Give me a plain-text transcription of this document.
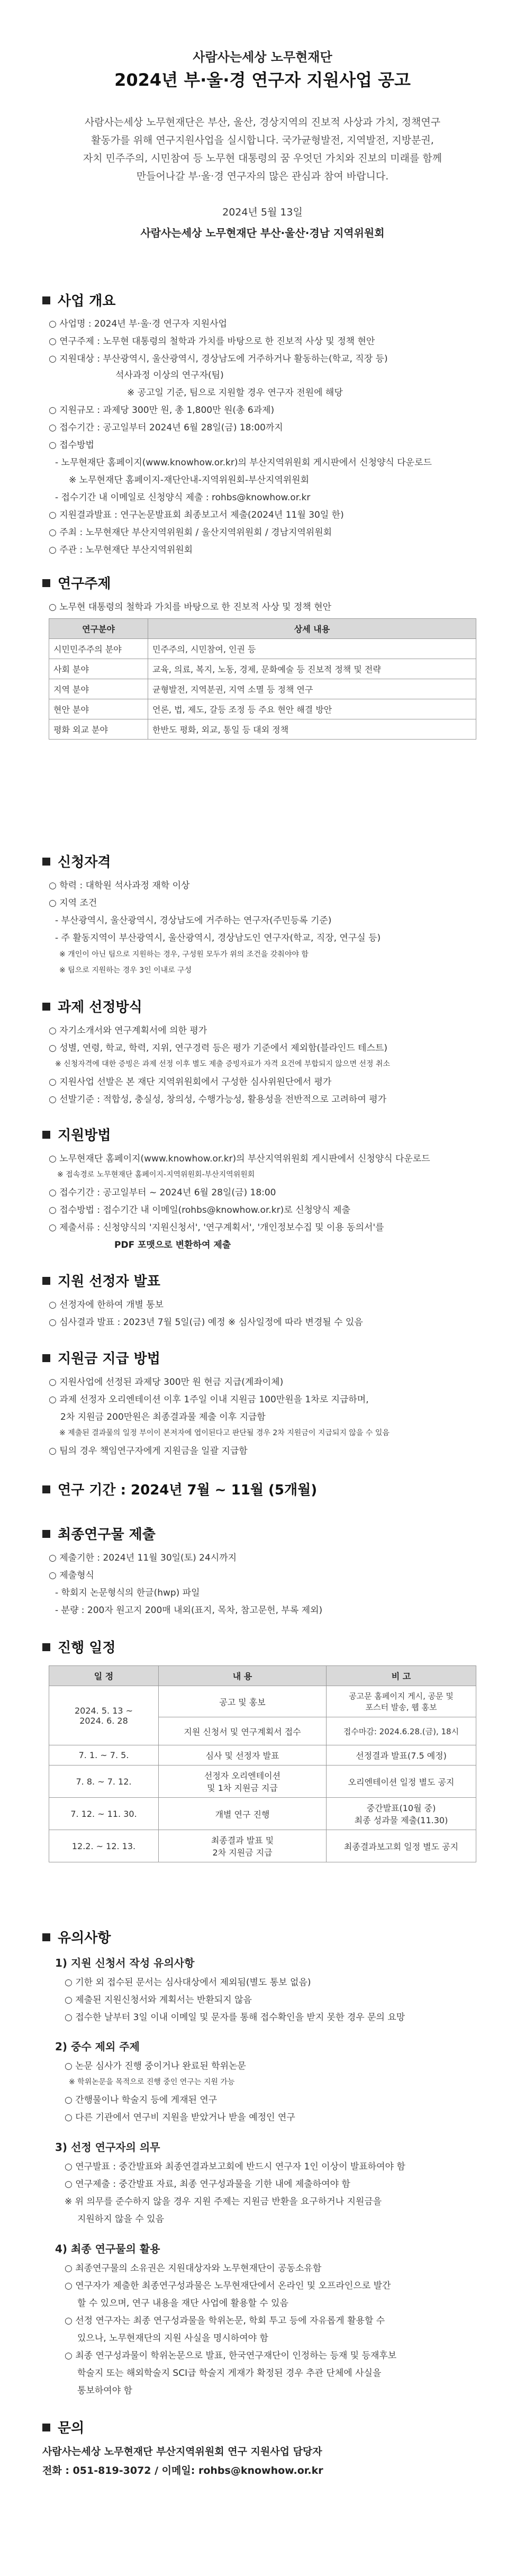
사람사는세상 노무현재단
2024년 부·울·경 연구자 지원사업 공고
사람사는세상 노무현재단은 부산, 울산, 경상지역의 진보적 사상과 가치, 정책연구
활동가를 위해 연구지원사업을 실시합니다. 국가균형발전, 지역발전, 지방분권,
자치 민주주의, 시민참여 등 노무현 대통령의 꿈 우엇던 가치와 진보의 미래를 함께
만들어나갈 부·울·경 연구자의 많은 관심과 참여 바랍니다.
2024년 5월 13일
사람사는세상 노무현재단 부산·울산·경남 지역위원회
사업 개요
○ 사업명 : 2024년 부·울·경 연구자 지원사업
○ 연구주제 : 노무현 대통령의 철학과 가치를 바탕으로 한 진보적 사상 및 정책 현안
○ 지원대상 : 부산광역시, 울산광역시, 경상남도에 거주하거나 활동하는(학교, 직장 등)
석사과정 이상의 연구자(팀)
※ 공고일 기준, 팀으로 지원할 경우 연구자 전원에 해당
○ 지원규모 : 과제당 300만 원, 총 1,800만 원(총 6과제)
○ 접수기간 : 공고일부터 2024년 6월 28일(금) 18:00까지
○ 접수방법
- 노무현재단 홈페이지(www.knowhow.or.kr)의 부산지역위원회 게시판에서 신청양식 다운로드
※ 노무현재단 홈페이지-재단안내-지역위원회-부산지역위원회
- 접수기간 내 이메일로 신청양식 제출 : rohbs@knowhow.or.kr
○ 지원결과발표 : 연구논문발표회 최종보고서 제출(2024년 11월 30일 한)
○ 주최 : 노무현재단 부산지역위원회 / 울산지역위원회 / 경남지역위원회
○ 주관 : 노무현재단 부산지역위원회
연구주제
○ 노무현 대통령의 철학과 가치를 바탕으로 한 진보적 사상 및 정책 현안
연구분야	상세 내용
시민민주주의 분야	민주주의, 시민참여, 인권 등
사회 분야	교육, 의료, 복지, 노동, 경제, 문화예술 등 진보적 정책 및 전략
지역 분야	균형발전, 지역분권, 지역 소멸 등 정책 연구
현안 분야	언론, 법, 제도, 갈등 조정 등 주요 현안 해결 방안
평화 외교 분야	한반도 평화, 외교, 통일 등 대외 정책
신청자격
○ 학력 : 대학원 석사과정 재학 이상
○ 지역 조건
- 부산광역시, 울산광역시, 경상남도에 거주하는 연구자(주민등록 기준)
- 주 활동지역이 부산광역시, 울산광역시, 경상남도인 연구자(학교, 직장, 연구실 등)
※ 개인이 아닌 팀으로 지원하는 경우, 구성원 모두가 위의 조건을 갖춰야야 함
※ 팀으로 지원하는 경우 3인 이내로 구성
과제 선정방식
○ 자기소개서와 연구계획서에 의한 평가
○ 성별, 연령, 학교, 학력, 지위, 연구경력 등은 평가 기준에서 제외함(블라인드 테스트)
※ 신청자격에 대한 증빙은 과제 선정 이후 별도 제출 증빙자료가 자격 요건에 부합되지 않으면 선정 취소
○ 지원사업 선발은 본 재단 지역위원회에서 구성한 심사위원단에서 평가
○ 선발기준 : 적합성, 충실성, 창의성, 수행가능성, 활용성을 전반적으로 고려하여 평가
지원방법
○ 노무현재단 홈페이지(www.knowhow.or.kr)의 부산지역위원회 게시판에서 신청양식 다운로드
※ 접속경로 노무현재단 홈페이지-지역위원회-부산지역위원회
○ 접수기간 : 공고일부터 ~ 2024년 6월 28일(금) 18:00
○ 접수방법 : 접수기간 내 이메일(rohbs@knowhow.or.kr)로 신청양식 제출
○ 제출서류 : 신청양식의 '지원신청서', '연구계획서', '개인정보수집 및 이용 동의서'를
PDF 포맷으로 변환하여 제출
지원 선정자 발표
○ 선정자에 한하여 개별 통보
○ 심사결과 발표 : 2023년 7월 5일(금) 예정 ※ 심사일정에 따라 변경될 수 있음
지원금 지급 방법
○ 지원사업에 선정된 과제당 300만 원 현금 지급(계좌이체)
○ 과제 선정자 오리엔테이션 이후 1주일 이내 지원금 100만원을 1차로 지급하며,
2차 지원금 200만원은 최종결과물 제출 이후 지급함
※ 제출된 결과물의 일정 부이이 본저자에 엽이된다고 판단될 경우 2차 지원금이 지급되지 않을 수 있음
○ 팀의 경우 책임연구자에게 지원금을 일괄 지급함
연구 기간 : 2024년 7월 ~ 11월 (5개월)
최종연구물 제출
○ 제출기한 : 2024년 11월 30일(토) 24시까지
○ 제출형식
- 학회지 논문형식의 한글(hwp) 파일
- 분량 : 200자 원고지 200매 내외(표지, 목차, 참고문헌, 부록 제외)
진행 일정
일 정	내 용	비 고
2024. 5. 13 ~
2024. 6. 28	공고 및 홍보	공고문 홈페이지 게시, 공문 및
포스터 발송, 웹 홍보
	지원 신청서 및 연구계획서 접수	접수마감: 2024.6.28.(금), 18시
7. 1. ~ 7. 5.	심사 및 선정자 발표	선정결과 발표(7.5 예정)
7. 8. ~ 7. 12.	선정자 오리엔테이션
및 1차 지원금 지급	오리엔테이션 일정 별도 공지
7. 12. ~ 11. 30.	개별 연구 진행	중간발표(10월 중)
최종 성과물 제출(11.30)
12.2. ~ 12. 13.	최종결과 발표 및
2차 지원금 지급	최종결과보고회 일정 별도 공지
유의사항
1) 지원 신청서 작성 유의사항
○ 기한 외 접수된 문서는 심사대상에서 제외됨(별도 통보 없음)
○ 제출된 지원신청서와 계획서는 반환되지 않음
○ 접수한 날부터 3일 이내 이메일 및 문자를 통해 접수확인을 받지 못한 경우 문의 요망
2) 중수 제외 주제
○ 논문 심사가 진행 중이거나 완료된 학위논문
※ 학위논문을 목적으로 진행 중인 연구는 지원 가능
○ 간행물이나 학술지 등에 게재된 연구
○ 다른 기관에서 연구비 지원을 받았거나 받을 예정인 연구
3) 선정 연구자의 의무
○ 연구발표 : 중간발표와 최종연결과보고회에 반드시 연구자 1인 이상이 발표하여야 함
○ 연구제출 : 중간발표 자료, 최종 연구성과물을 기한 내에 제출하여야 함
※ 위 의무를 준수하지 않을 경우 지원 주제는 지원금 반환을 요구하거나 지원금을
지원하지 않을 수 있음
4) 최종 연구물의 활용
○ 최종연구물의 소유권은 지원대상자와 노무현재단이 공동소유함
○ 연구자가 제출한 최종연구성과물은 노무현재단에서 온라인 및 오프라인으로 발간
할 수 있으며, 연구 내용을 재단 사업에 활용할 수 있음
○ 선정 연구자는 최종 연구성과물을 학위논문, 학회 투고 등에 자유롭게 활용할 수
있으나, 노무현재단의 지원 사실을 명시하여야 함
○ 최종 연구성과물이 학위논문으로 발표, 한국연구재단이 인정하는 등재 및 등재후보
학술지 또는 해외학술지 SCI급 학술지 게재가 확정된 경우 추관 단체에 사실을
통보하여야 함
문의
사람사는세상 노무현재단 부산지역위원회 연구 지원사업 담당자
전화 : 051-819-3072 / 이메일: rohbs@knowhow.or.kr
